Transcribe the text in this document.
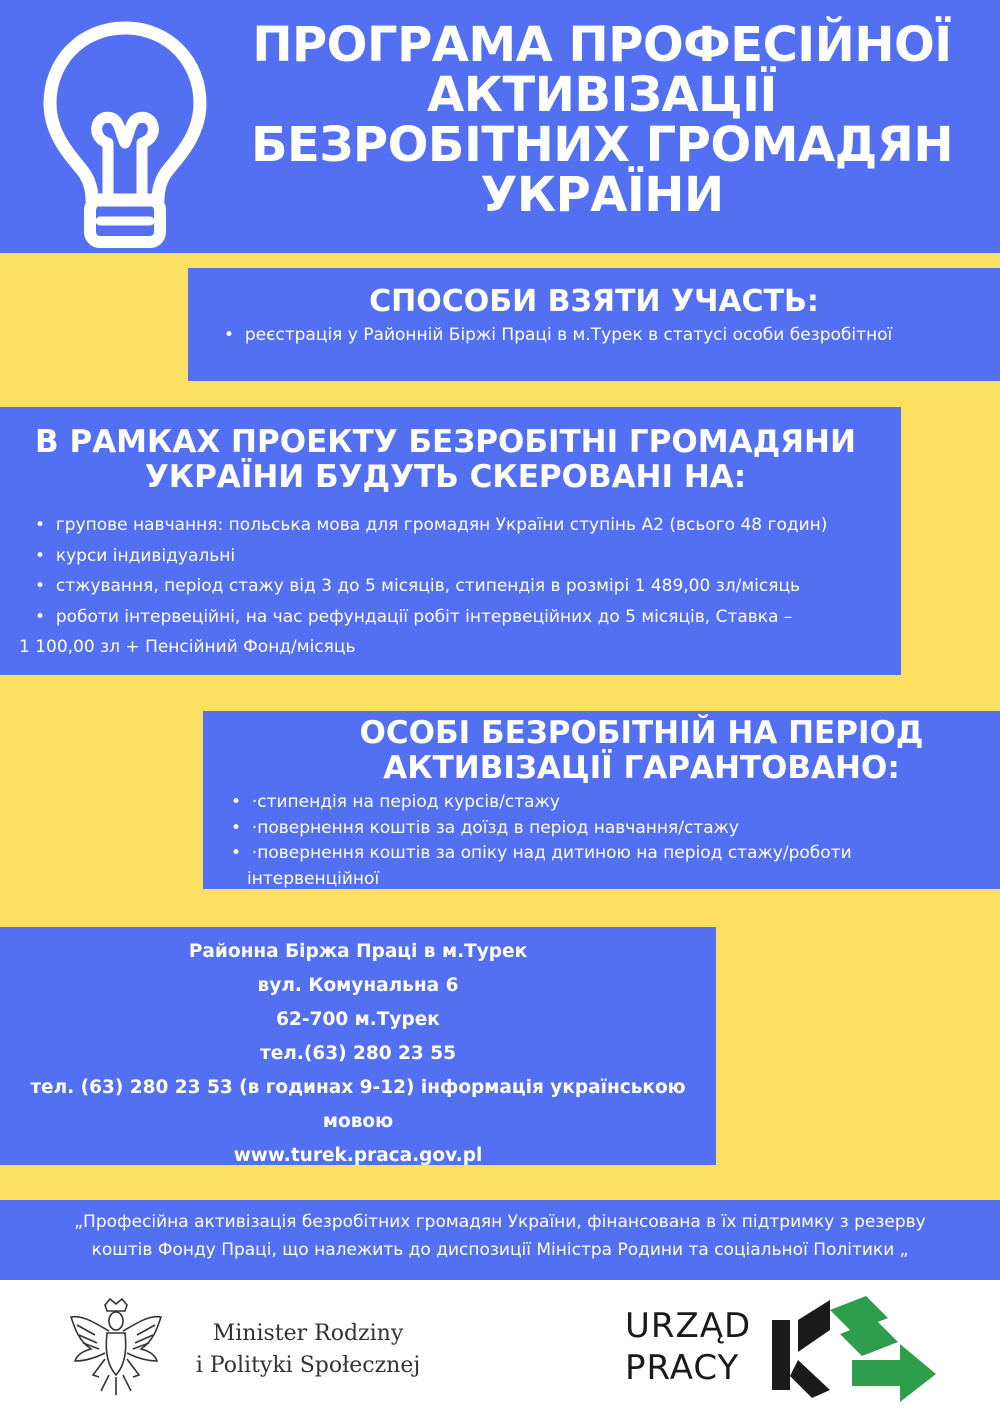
ПРОГРАМА ПРОФЕСІЙНОЇ
АКТИВІЗАЦІЇ
БЕЗРОБІТНИХ ГРОМАДЯН
УКРАЇНИ
СПОСОБИ ВЗЯТИ УЧАСТЬ:
•  реєстрація у Районній Біржі Праці в м.Турек в статусі особи безробітної
В РАМКАХ ПРОЕКТУ БЕЗРОБІТНІ ГРОМАДЯНИ
УКРАЇНИ БУДУТЬ СКЕРОВАНІ НА:
•  групове навчання: польська мова для громадян України ступінь А2 (всього 48 годин)
•  курси індивідуальні
•  стжування, період стажу від 3 до 5 місяців, стипендія в розмірі 1 489,00 зл/місяць
•  роботи інтервеційні, на час рефундації робіт інтервеційних до 5 місяців, Ставка –
1 100,00 зл + Пенсійний Фонд/місяць
ОСОБІ БЕЗРОБІТНІЙ НА ПЕРІОД
АКТИВІЗАЦІЇ ГАРАНТОВАНО:
•  ·стипендія на період курсів/стажу
•  ·повернення коштів за доїзд в період навчання/стажу
•  ·повернення коштів за опіку над дитиною на період стажу/роботи
інтервенційної
Районна Біржа Праці в м.Турек
вул. Комунальна 6
62-700 м.Турек
тел.(63) 280 23 55
тел. (63) 280 23 53 (в годинах 9-12) інформація українською
мовою
www.turek.praca.gov.pl
„Професійна активізація безробітних громадян України, фінансована в їх підтримку з резерву
коштів Фонду Праці, що належить до диспозиції Міністра Родини та соціальної Політики „
Minister Rodziny
i Polityki Społecznej
URZĄD
PRACY
